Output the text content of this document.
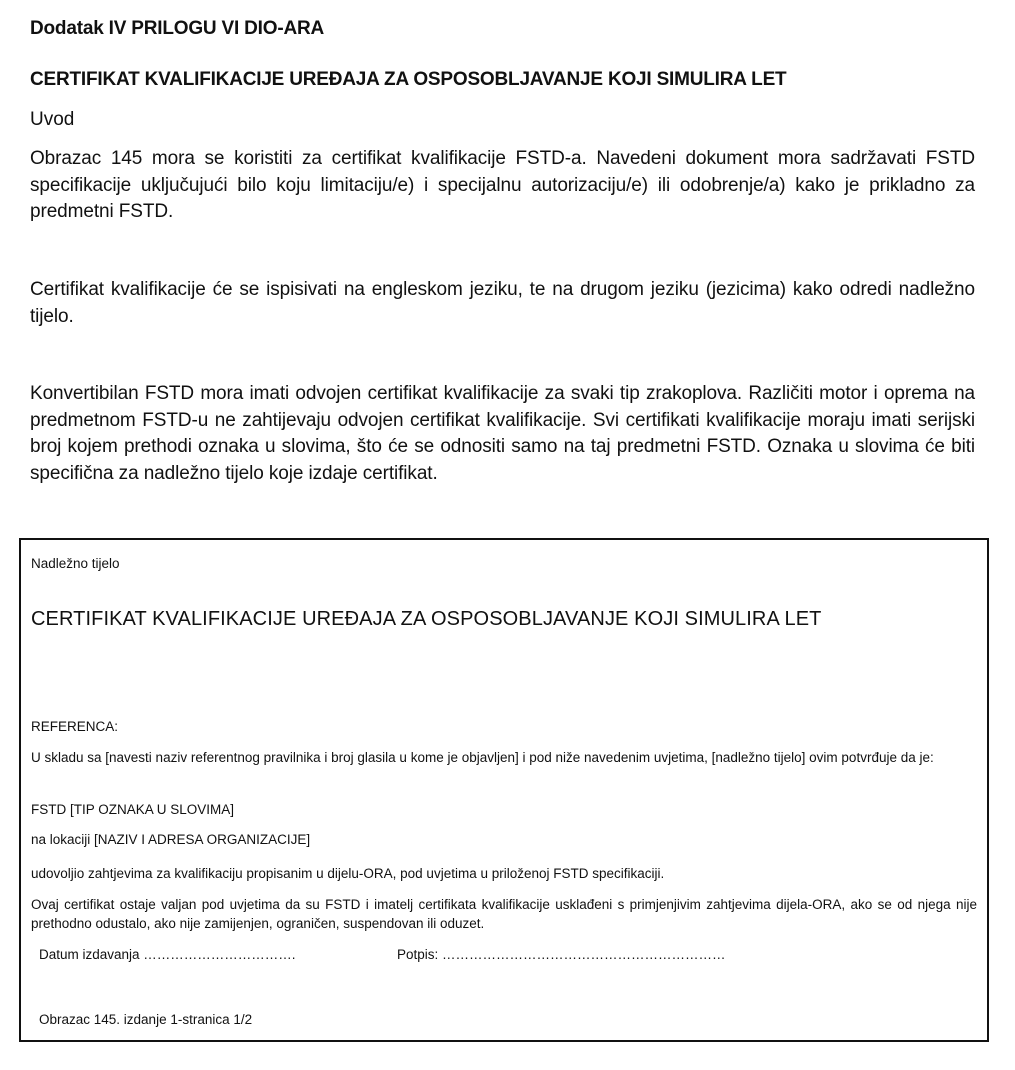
Dodatak IV PRILOGU VI DIO-ARA
CERTIFIKAT KVALIFIKACIJE UREĐAJA ZA OSPOSOBLJAVANJE KOJI SIMULIRA LET
Uvod
Obrazac 145 mora se koristiti za certifikat kvalifikacije FSTD-a. Navedeni dokument mora sadržavati FSTD specifikacije uključujući bilo koju limitaciju/e) i specijalnu autorizaciju/e) ili odobrenje/a) kako je prikladno za predmetni FSTD.
Certifikat kvalifikacije će se ispisivati na engleskom jeziku, te na drugom jeziku (jezicima) kako odredi nadležno tijelo.
Konvertibilan FSTD mora imati odvojen certifikat kvalifikacije za svaki tip zrakoplova. Različiti motor i oprema na predmetnom FSTD-u ne zahtijevaju odvojen certifikat kvalifikacije. Svi certifikati kvalifikacije moraju imati serijski broj kojem prethodi oznaka u slovima, što će se odnositi samo na taj predmetni FSTD. Oznaka u slovima će biti specifična za nadležno tijelo koje izdaje certifikat.
Nadležno tijelo
CERTIFIKAT KVALIFIKACIJE UREĐAJA ZA OSPOSOBLJAVANJE KOJI SIMULIRA LET
REFERENCA:
U skladu sa [navesti naziv referentnog pravilnika i broj glasila u kome je objavljen] i pod niže navedenim uvjetima, [nadležno tijelo] ovim potvrđuje da je:
FSTD [TIP OZNAKA U SLOVIMA]
na lokaciji [NAZIV I ADRESA ORGANIZACIJE]
udovoljio zahtjevima za kvalifikaciju propisanim u dijelu-ORA, pod uvjetima u priloženoj FSTD specifikaciji.
Ovaj certifikat ostaje valjan pod uvjetima da su FSTD i imatelj certifikata kvalifikacije usklađeni s primjenjivim zahtjevima dijela-ORA, ako se od njega nije prethodno odustalo, ako nije zamijenjen, ograničen, suspendovan ili oduzet.
Datum izdavanja …………………………….	Potpis: ………………………………………………………
Obrazac 145. izdanje 1-stranica 1/2
